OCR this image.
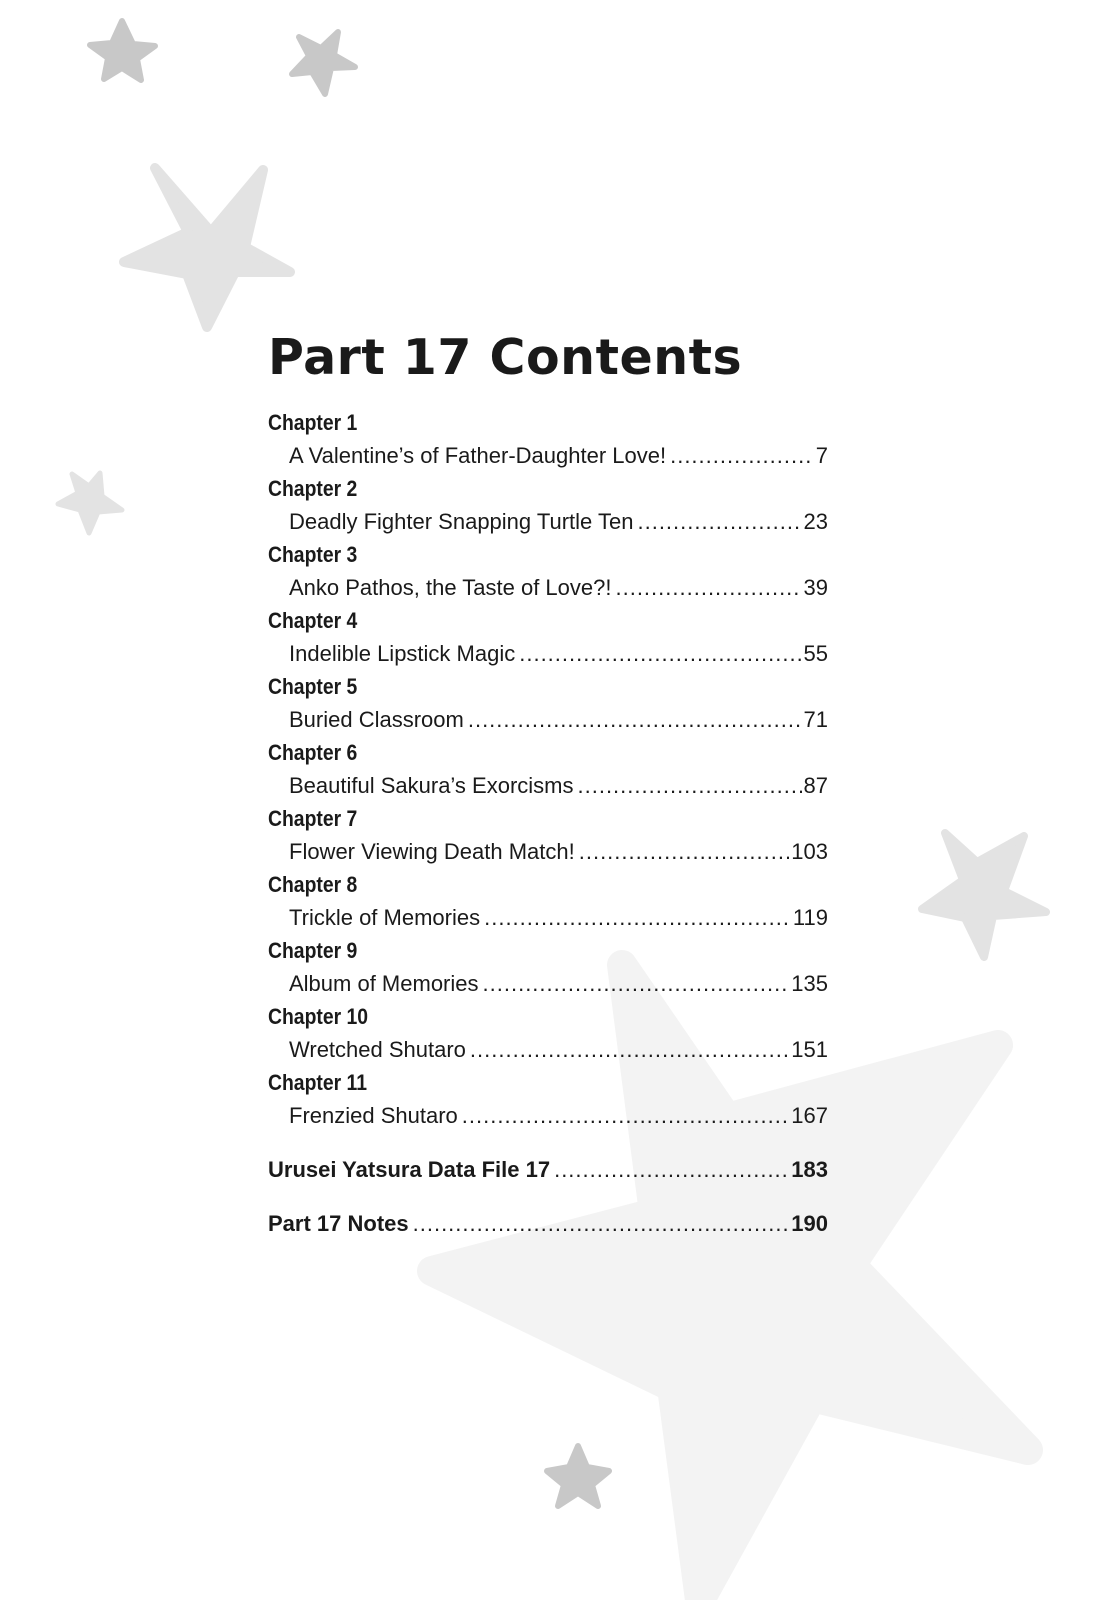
Part 17 Contents
Chapter 1
A Valentine’s of Father-Daughter Love! .....	7
Chapter 2
Deadly Fighter Snapping Turtle Ten .....	23
Chapter 3
Anko Pathos, the Taste of Love?! .....	39
Chapter 4
Indelible Lipstick Magic .....	55
Chapter 5
Buried Classroom .....	71
Chapter 6
Beautiful Sakura’s Exorcisms .....	87
Chapter 7
Flower Viewing Death Match! .....	103
Chapter 8
Trickle of Memories .....	119
Chapter 9
Album of Memories .....	135
Chapter 10
Wretched Shutaro .....	151
Chapter 11
Frenzied Shutaro .....	167
Urusei Yatsura Data File 17 .....	183
Part 17 Notes .....	190
